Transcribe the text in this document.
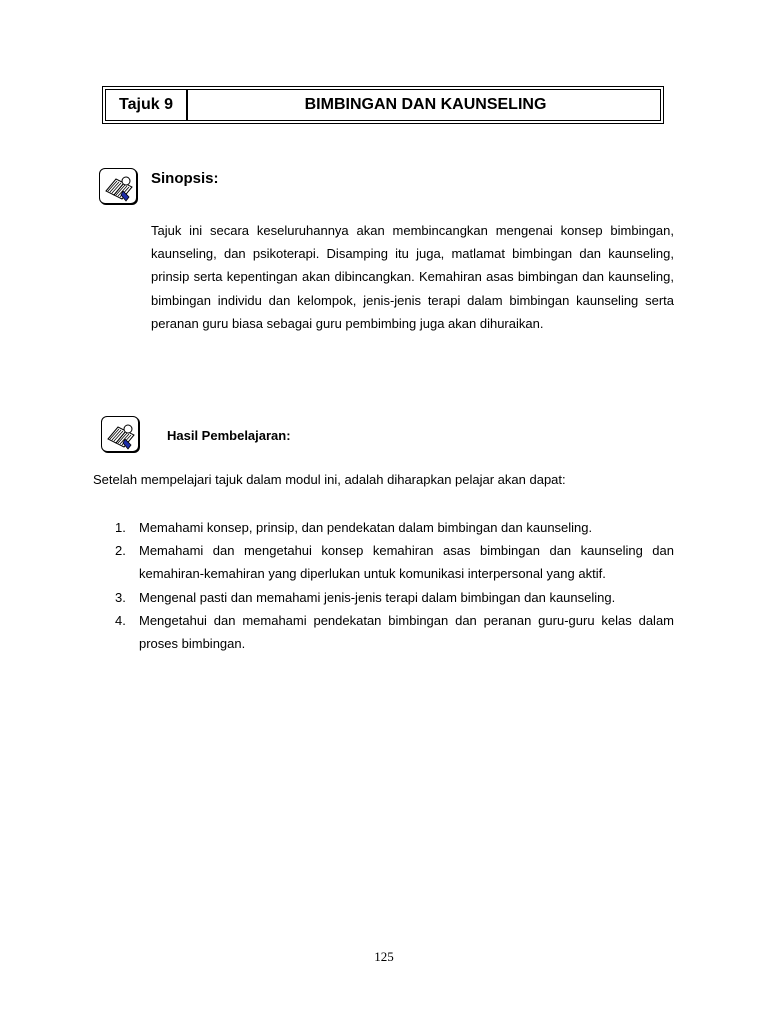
Tajuk 9	BIMBINGAN DAN KAUNSELING
Sinopsis:

Tajuk ini secara keseluruhannya akan membincangkan mengenai konsep bimbingan, kaunseling, dan psikoterapi. Disamping itu juga, matlamat bimbingan dan kaunseling, prinsip serta kepentingan akan dibincangkan. Kemahiran asas bimbingan dan kaunseling, bimbingan individu dan kelompok, jenis-jenis terapi dalam bimbingan kaunseling serta peranan guru biasa sebagai guru pembimbing juga akan dihuraikan.

Hasil Pembelajaran:

Setelah mempelajari tajuk dalam modul ini, adalah diharapkan pelajar akan dapat:

1. Memahami konsep, prinsip, dan pendekatan dalam bimbingan dan kaunseling.
2. Memahami dan mengetahui konsep kemahiran asas bimbingan dan kaunseling dan kemahiran-kemahiran yang diperlukan untuk komunikasi interpersonal yang aktif.
3. Mengenal pasti dan memahami jenis-jenis terapi dalam bimbingan dan kaunseling.
4. Mengetahui dan memahami pendekatan bimbingan dan peranan guru-guru kelas dalam proses bimbingan.
125
